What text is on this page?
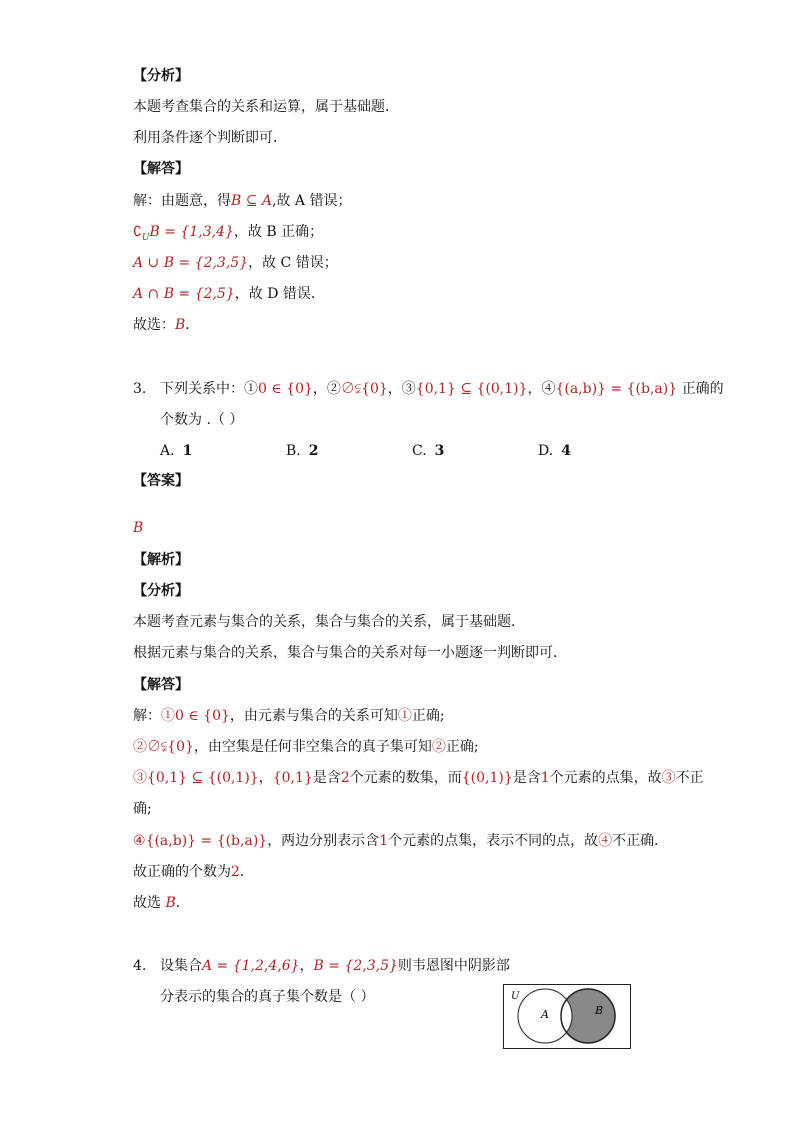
【分析】
本题考查集合的关系和运算，属于基础题．
利用条件逐个判断即可．
【解答】
解：由题意，得B ⊆ A,故 A 错误；
$∁_UB = \{1,3,4\}$，故 B 正确；
A ∪ B = {2,3,5}，故 C 错误；
A ∩ B = {2,5}，故 D 错误．
故选：B．
3. 下列关系中：①0 ∈ {0}，②∅⫋{0}，③{0,1} ⊆ {(0,1)}，④{(a,b)} = {(b,a)} 正确的
个数为 .（ ）
A. 1	B. 2	C. 3	D. 4
【答案】
B
【解析】
【分析】
本题考查元素与集合的关系，集合与集合的关系，属于基础题．
根据元素与集合的关系，集合与集合的关系对每一小题逐一判断即可．
【解答】
解：①0 ∈ {0}，由元素与集合的关系可知①正确;
②∅⫋{0}，由空集是任何非空集合的真子集可知②正确;
③{0,1} ⊆ {(0,1)}，{0,1}是含2个元素的数集，而{(0,1)}是含1个元素的点集，故③不正
确;
④{(a,b)} = {(b,a)}，两边分别表示含1个元素的点集，表示不同的点，故④不正确．
故正确的个数为2．
故选 B．
4. 设集合A = {1,2,4,6}，B = {2,3,5}则韦恩图中阴影部
分表示的集合的真子集个数是（ ）	U
A	B
